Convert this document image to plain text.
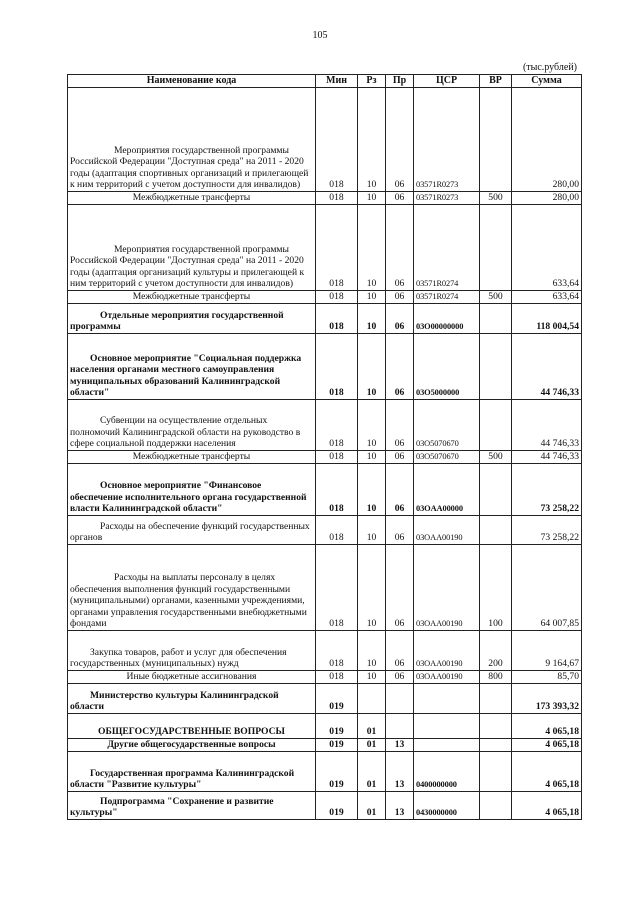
105
(тыс.рублей)
Наименование кода	Мин	Рз	Пр	ЦСР	ВР	Сумма
Мероприятия государственной программы Российской Федерации "Доступная среда" на 2011 - 2020 годы (адаптация спортивных организаций и прилегающей к ним территорий с учетом доступности для инвалидов)	018	10	06	03571R0273		280,00
Межбюджетные трансферты	018	10	06	03571R0273	500	280,00
Мероприятия государственной программы Российской Федерации "Доступная среда" на 2011 - 2020 годы (адаптация организаций культуры и прилегающей к ним территорий с учетом доступности для инвалидов)	018	10	06	03571R0274		633,64
Межбюджетные трансферты	018	10	06	03571R0274	500	633,64
Отдельные мероприятия государственной программы	018	10	06	03O00000000		118 004,54
Основное мероприятие "Социальная поддержка населения органами местного самоуправления муниципальных образований Калининградской области"	018	10	06	03O5000000		44 746,33
Субвенции на осуществление отдельных полномочий Калининградской области на руководство в сфере социальной поддержки населения	018	10	06	03O5070670		44 746,33
Межбюджетные трансферты	018	10	06	03O5070670	500	44 746,33
Основное мероприятие "Финансовое обеспечение исполнительного органа государственной власти Калининградской области"	018	10	06	03OAA00000		73 258,22
Расходы на обеспечение функций государственных органов	018	10	06	03OAA00190		73 258,22
Расходы на выплаты персоналу в целях обеспечения выполнения функций государственными (муниципальными) органами, казенными учреждениями, органами управления государственными внебюджетными фондами	018	10	06	03OAA00190	100	64 007,85
Закупка товаров, работ и услуг для обеспечения государственных (муниципальных) нужд	018	10	06	03OAA00190	200	9 164,67
Иные бюджетные ассигнования	018	10	06	03OAA00190	800	85,70
Министерство культуры Калининградской области	019					173 393,32
ОБЩЕГОСУДАРСТВЕННЫЕ ВОПРОСЫ	019	01				4 065,18
Другие общегосударственные вопросы	019	01	13			4 065,18
Государственная программа Калининградской области "Развитие культуры"	019	01	13	0400000000		4 065,18
Подпрограмма "Сохранение и развитие культуры"	019	01	13	0430000000		4 065,18
